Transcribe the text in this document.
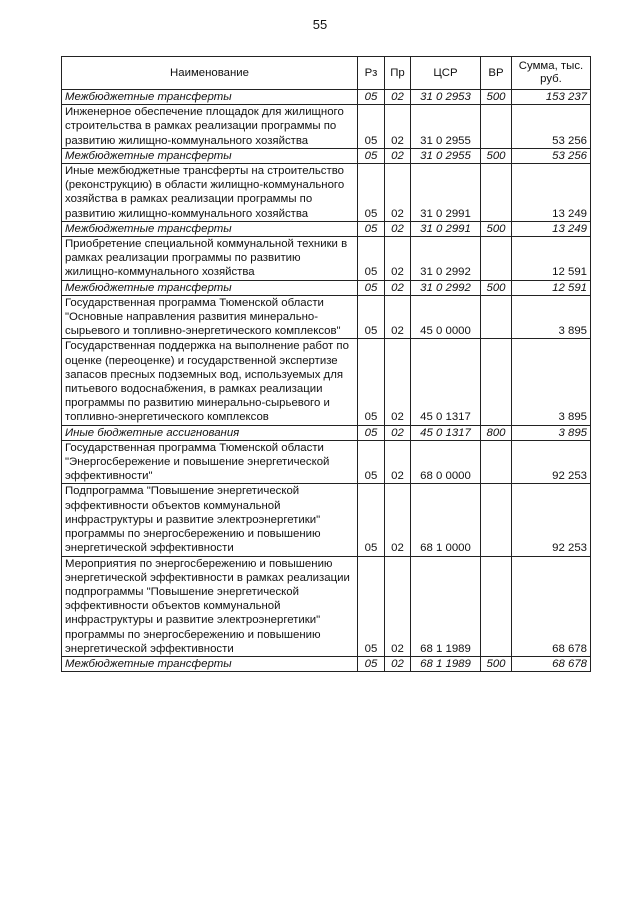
55
Наименование	Рз	Пр	ЦСР	ВР	Сумма, тыс. руб.
Межбюджетные трансферты	05	02	31 0 2953	500	153 237
Инженерное обеспечение площадок для жилищного строительства в рамках реализации программы по развитию жилищно-коммунального хозяйства	05	02	31 0 2955		53 256
Межбюджетные трансферты	05	02	31 0 2955	500	53 256
Иные межбюджетные трансферты на строительство (реконструкцию) в области жилищно-коммунального хозяйства в рамках реализации программы по развитию жилищно-коммунального хозяйства	05	02	31 0 2991		13 249
Межбюджетные трансферты	05	02	31 0 2991	500	13 249
Приобретение специальной коммунальной техники в рамках реализации программы по развитию жилищно-коммунального хозяйства	05	02	31 0 2992		12 591
Межбюджетные трансферты	05	02	31 0 2992	500	12 591
Государственная программа Тюменской области "Основные направления развития минерально-сырьевого и топливно-энергетического комплексов"	05	02	45 0 0000		3 895
Государственная поддержка на выполнение работ по оценке (переоценке) и государственной экспертизе запасов пресных подземных вод, используемых для питьевого водоснабжения, в рамках реализации программы по развитию минерально-сырьевого и топливно-энергетического комплексов	05	02	45 0 1317		3 895
Иные бюджетные ассигнования	05	02	45 0 1317	800	3 895
Государственная программа Тюменской области "Энергосбережение и повышение энергетической эффективности"	05	02	68 0 0000		92 253
Подпрограмма "Повышение энергетической эффективности объектов коммунальной инфраструктуры и развитие электроэнергетики" программы по энергосбережению и повышению энергетической эффективности	05	02	68 1 0000		92 253
Мероприятия по энергосбережению и повышению энергетической эффективности в рамках реализации подпрограммы "Повышение энергетической эффективности объектов коммунальной инфраструктуры и развитие электроэнергетики" программы по энергосбережению и повышению энергетической эффективности	05	02	68 1 1989		68 678
Межбюджетные трансферты	05	02	68 1 1989	500	68 678
